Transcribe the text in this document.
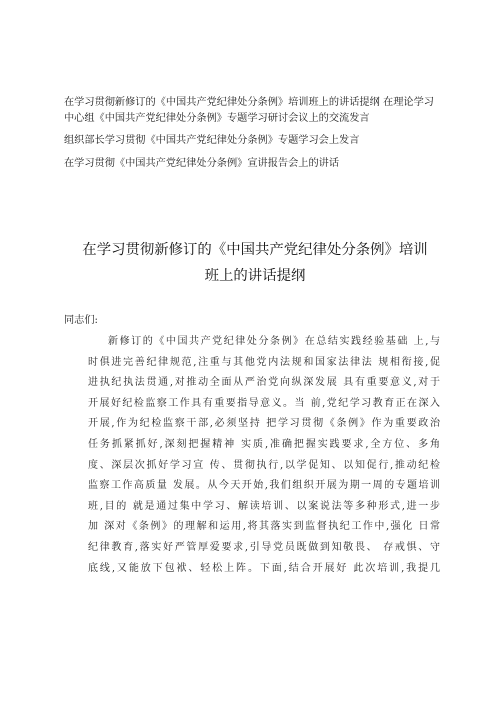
在学习贯彻新修订的《中国共产党纪律处分条例》培训班上的讲话提纲 在理论学习中心组《中国共产党纪律处分条例》专题学习研讨会议上的交流发言
组织部长学习贯彻《中国共产党纪律处分条例》专题学习会上发言
在学习贯彻《中国共产党纪律处分条例》宣讲报告会上的讲话
在学习贯彻新修订的《中国共产党纪律处分条例》培训
班上的讲话提纲
同志们:
新修订的《中国共产党纪律处分条例》在总结实践经验基础 上,与
时俱进完善纪律规范,注重与其他党内法规和国家法律法 规相衔接,促
进执纪执法贯通,对推动全面从严治党向纵深发展 具有重要意义,对于
开展好纪检监察工作具有重要指导意义。当 前,党纪学习教育正在深入
开展,作为纪检监察干部,必须坚持 把学习贯彻《条例》作为重要政治
任务抓紧抓好,深刻把握精神 实质,准确把握实践要求,全方位、多角
度、深层次抓好学习宣 传、贯彻执行,以学促知、以知促行,推动纪检
监察工作高质量 发展。从今天开始,我们组织开展为期一周的专题培训
班,目的 就是通过集中学习、解读培训、以案说法等多种形式,进一步
加 深对《条例》的理解和运用,将其落实到监督执纪工作中,强化 日常
纪律教育,落实好严管厚爱要求,引导党员既做到知敬畏、 存戒惧、守
底线,又能放下包袱、轻松上阵。下面,结合开展好 此次培训,我提几
